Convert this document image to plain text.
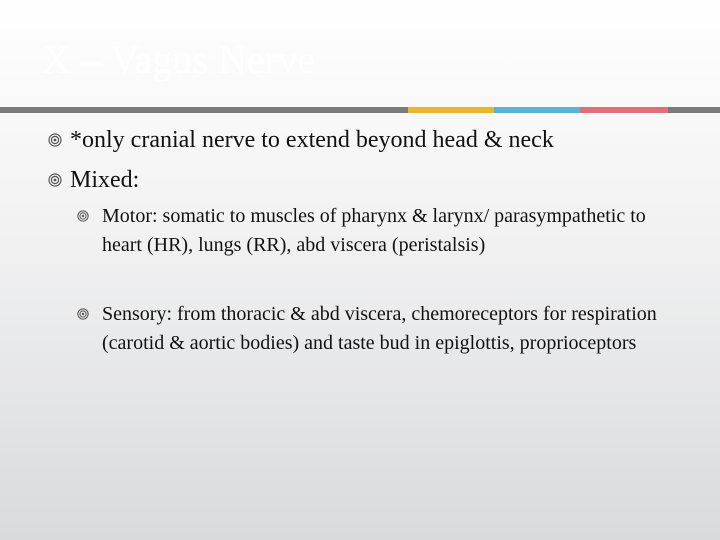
X – Vagus Nerve
*only cranial nerve to extend beyond head & neck
Mixed:
Motor: somatic to muscles of pharynx & larynx/ parasympathetic to heart (HR), lungs (RR), abd viscera (peristalsis)
Sensory: from thoracic & abd viscera, chemoreceptors for respiration (carotid & aortic bodies) and taste bud in epiglottis, proprioceptors
